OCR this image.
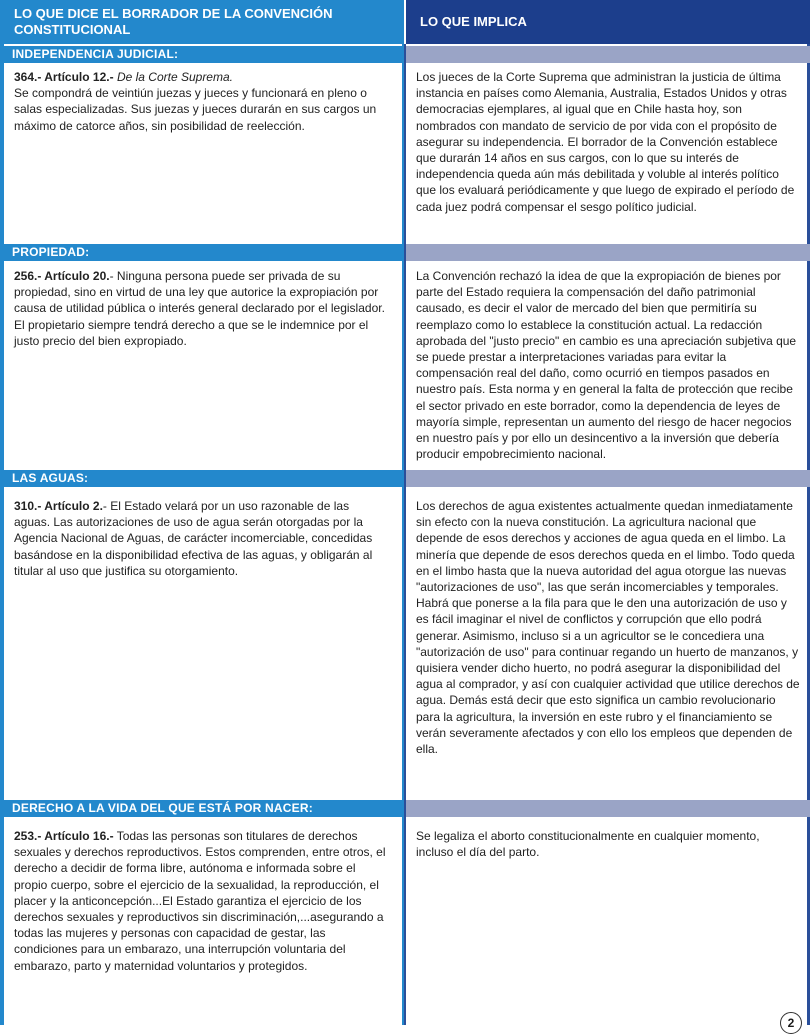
LO QUE DICE EL BORRADOR DE LA CONVENCIÓN CONSTITUCIONAL
LO QUE IMPLICA
INDEPENDENCIA JUDICIAL:

364.- Artículo 12.- De la Corte Suprema.
Se compondrá de veintiún juezas y jueces y funcionará en pleno o salas especializadas. Sus juezas y jueces durarán en sus cargos un máximo de catorce años, sin posibilidad de reelección.

Los jueces de la Corte Suprema que administran la justicia de última instancia en países como Alemania, Australia, Estados Unidos y otras democracias ejemplares, al igual que en Chile hasta hoy, son nombrados con mandato de servicio de por vida con el propósito de asegurar su independencia. El borrador de la Convención establece que durarán 14 años en sus cargos, con lo que su interés de independencia queda aún más debilitada y voluble al interés político que los evaluará periódicamente y que luego de expirado el período de cada juez podrá compensar el sesgo político judicial.

PROPIEDAD:

256.- Artículo 20.- Ninguna persona puede ser privada de su propiedad, sino en virtud de una ley que autorice la expropiación por causa de utilidad pública o interés general declarado por el legislador. El propietario siempre tendrá derecho a que se le indemnice por el justo precio del bien expropiado.

La Convención rechazó la idea de que la expropiación de bienes por parte del Estado requiera la compensación del daño patrimonial causado, es decir el valor de mercado del bien que permitiría su reemplazo como lo establece la constitución actual. La redacción aprobada del "justo precio" en cambio es una apreciación subjetiva que se puede prestar a interpretaciones variadas para evitar la compensación real del daño, como ocurrió en tiempos pasados en nuestro país. Esta norma y en general la falta de protección que recibe el sector privado en este borrador, como la dependencia de leyes de mayoría simple, representan un aumento del riesgo de hacer negocios en nuestro país y por ello un desincentivo a la inversión que debería producir empobrecimiento nacional.

LAS AGUAS:

310.- Artículo 2.- El Estado velará por un uso razonable de las aguas. Las autorizaciones de uso de agua serán otorgadas por la Agencia Nacional de Aguas, de carácter incomerciable, concedidas basándose en la disponibilidad efectiva de las aguas, y obligarán al titular al uso que justifica su otorgamiento.

Los derechos de agua existentes actualmente quedan inmediatamente sin efecto con la nueva constitución. La agricultura nacional que depende de esos derechos y acciones de agua queda en el limbo. La minería que depende de esos derechos queda en el limbo. Todo queda en el limbo hasta que la nueva autoridad del agua otorgue las nuevas "autorizaciones de uso", las que serán incomerciables y temporales. Habrá que ponerse a la fila para que le den una autorización de uso y es fácil imaginar el nivel de conflictos y corrupción que ello podrá generar. Asimismo, incluso si a un agricultor se le concediera una "autorización de uso" para continuar regando un huerto de manzanos, y quisiera vender dicho huerto, no podrá asegurar la disponibilidad del agua al comprador, y así con cualquier actividad que utilice derechos de agua. Demás está decir que esto significa un cambio revolucionario para la agricultura, la inversión en este rubro y el financiamiento se verán severamente afectados y con ello los empleos que dependen de ella.

DERECHO A LA VIDA DEL QUE ESTÁ POR NACER:

253.- Artículo 16.- Todas las personas son titulares de derechos sexuales y derechos reproductivos. Estos comprenden, entre otros, el derecho a decidir de forma libre, autónoma e informada sobre el propio cuerpo, sobre el ejercicio de la sexualidad, la reproducción, el placer y la anticoncepción...El Estado garantiza el ejercicio de los derechos sexuales y reproductivos sin discriminación,...asegurando a todas las mujeres y personas con capacidad de gestar, las condiciones para un embarazo, una interrupción voluntaria del embarazo, parto y maternidad voluntarios y protegidos.

Se legaliza el aborto constitucionalmente en cualquier momento, incluso el día del parto.

2
